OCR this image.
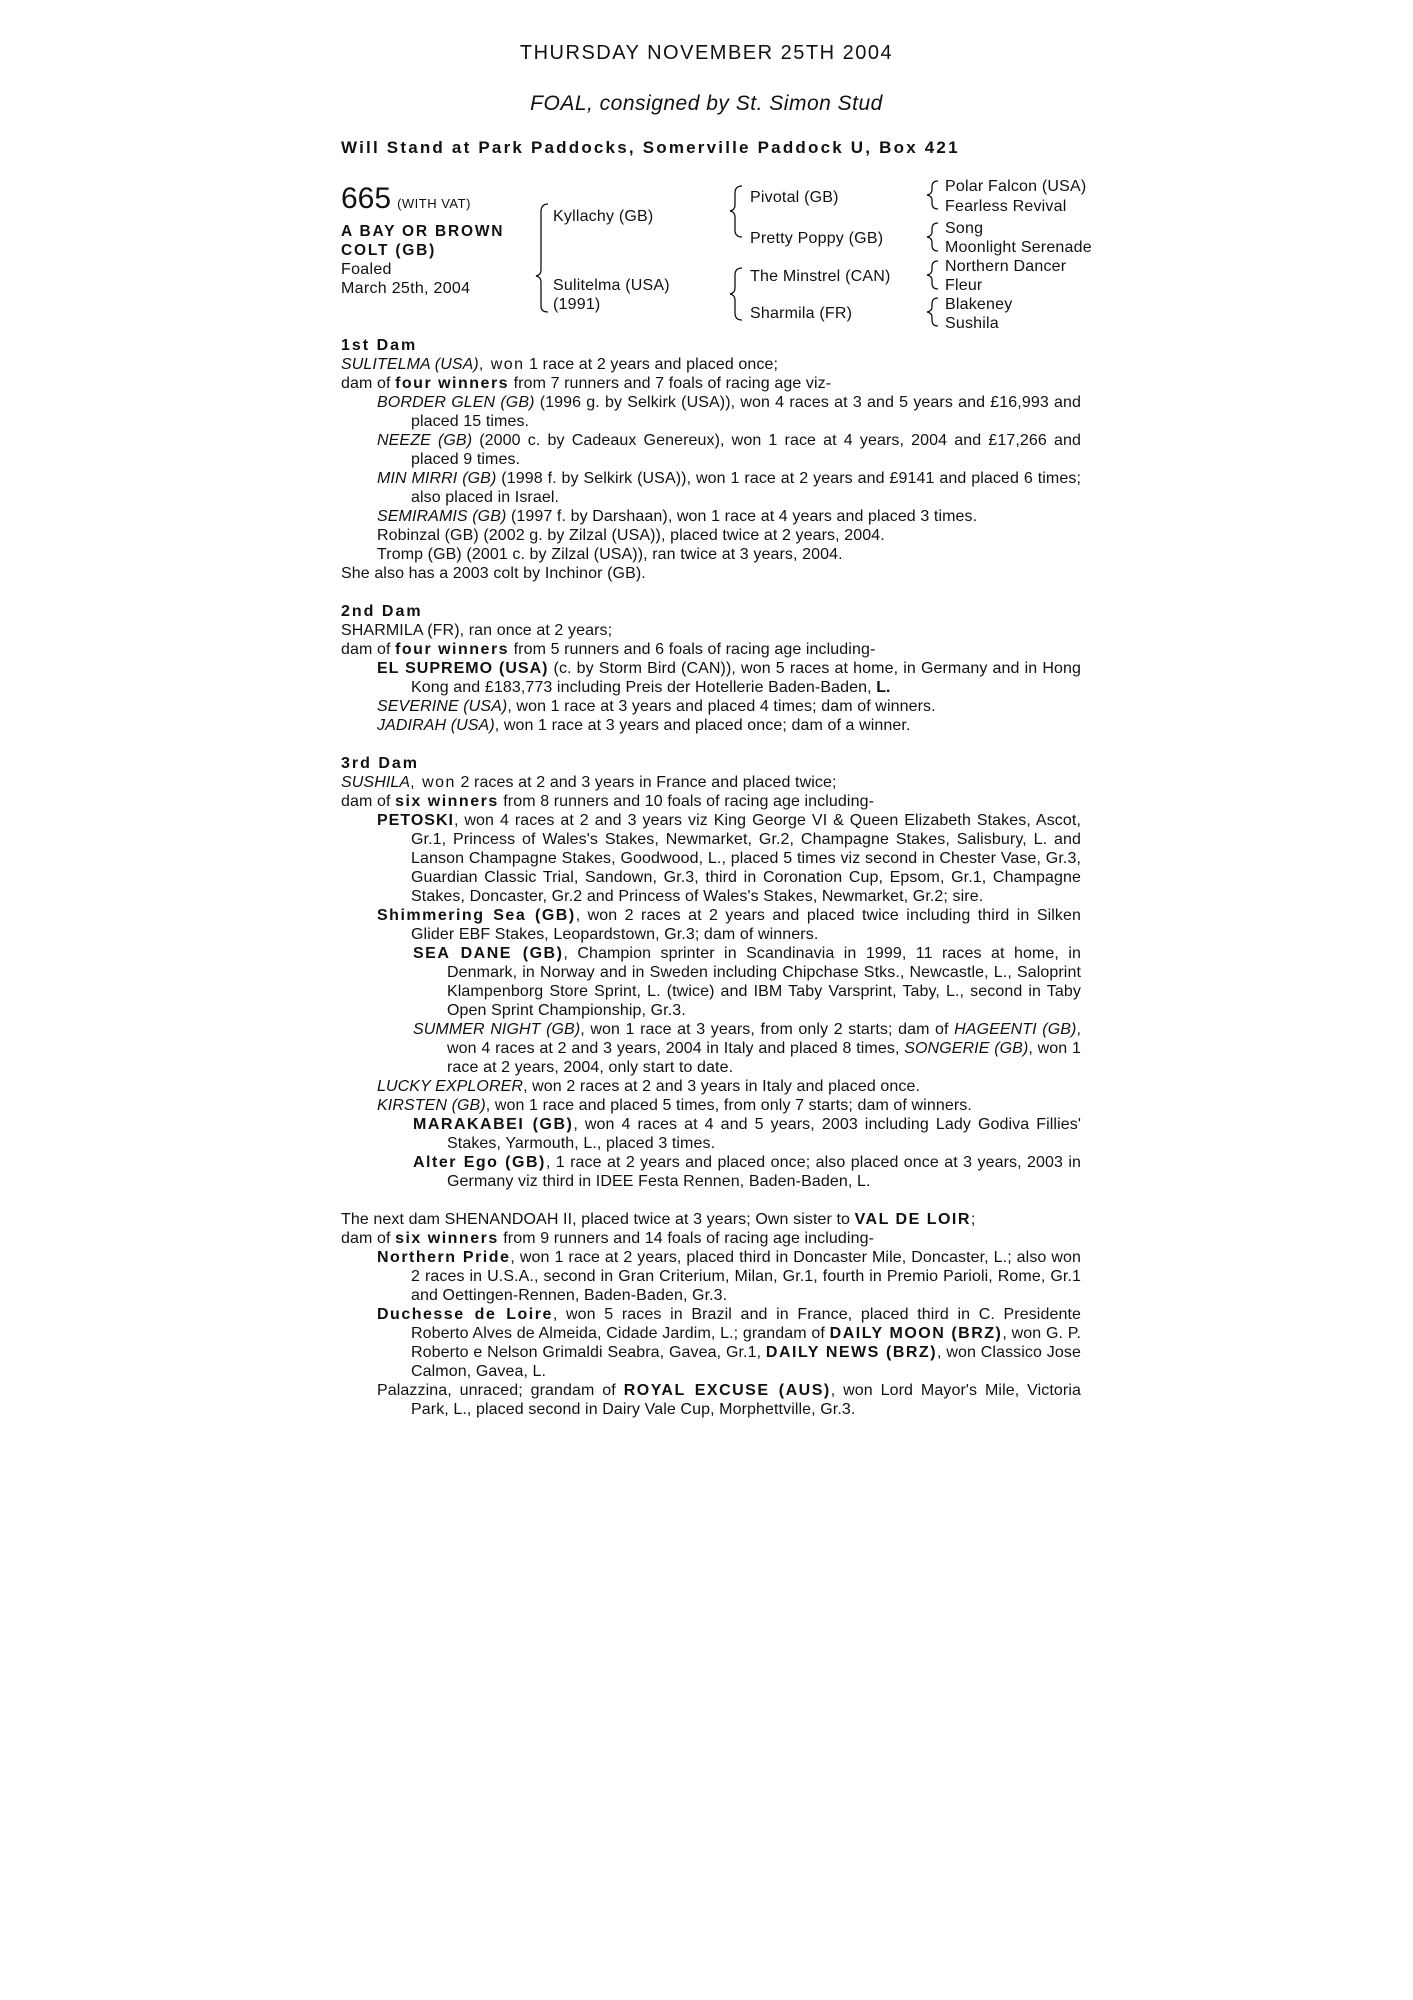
THURSDAY NOVEMBER 25TH 2004
FOAL, consigned by St. Simon Stud
Will Stand at Park Paddocks, Somerville Paddock U, Box 421
665 (WITH VAT)
A BAY OR BROWN
COLT (GB)
Foaled
March 25th, 2004
Kyllachy (GB)
Sulitelma (USA)
(1991)
Pivotal (GB)
Pretty Poppy (GB)
The Minstrel (CAN)
Sharmila (FR)
Polar Falcon (USA)
Fearless Revival
Song
Moonlight Serenade
Northern Dancer
Fleur
Blakeney
Sushila

1st Dam

SULITELMA (USA), won 1 race at 2 years and placed once;

dam of four winners from 7 runners and 7 foals of racing age viz-

BORDER GLEN (GB) (1996 g. by Selkirk (USA)), won 4 races at 3 and 5 years and £16,993 and placed 15 times.

NEEZE (GB) (2000 c. by Cadeaux Genereux), won 1 race at 4 years, 2004 and £17,266 and placed 9 times.

MIN MIRRI (GB) (1998 f. by Selkirk (USA)), won 1 race at 2 years and £9141 and placed 6 times; also placed in Israel.

SEMIRAMIS (GB) (1997 f. by Darshaan), won 1 race at 4 years and placed 3 times.

Robinzal (GB) (2002 g. by Zilzal (USA)), placed twice at 2 years, 2004.

Tromp (GB) (2001 c. by Zilzal (USA)), ran twice at 3 years, 2004.

She also has a 2003 colt by Inchinor (GB).

2nd Dam

SHARMILA (FR), ran once at 2 years;

dam of four winners from 5 runners and 6 foals of racing age including-

EL SUPREMO (USA) (c. by Storm Bird (CAN)), won 5 races at home, in Germany and in Hong Kong and £183,773 including Preis der Hotellerie Baden-Baden, L.

SEVERINE (USA), won 1 race at 3 years and placed 4 times; dam of winners.

JADIRAH (USA), won 1 race at 3 years and placed once; dam of a winner.

3rd Dam

SUSHILA, won 2 races at 2 and 3 years in France and placed twice;

dam of six winners from 8 runners and 10 foals of racing age including-

PETOSKI, won 4 races at 2 and 3 years viz King George VI & Queen Elizabeth Stakes, Ascot, Gr.1, Princess of Wales's Stakes, Newmarket, Gr.2, Champagne Stakes, Salisbury, L. and Lanson Champagne Stakes, Goodwood, L., placed 5 times viz second in Chester Vase, Gr.3, Guardian Classic Trial, Sandown, Gr.3, third in Coronation Cup, Epsom, Gr.1, Champagne Stakes, Doncaster, Gr.2 and Princess of Wales's Stakes, Newmarket, Gr.2; sire.

Shimmering Sea (GB), won 2 races at 2 years and placed twice including third in Silken Glider EBF Stakes, Leopardstown, Gr.3; dam of winners.

SEA DANE (GB), Champion sprinter in Scandinavia in 1999, 11 races at home, in Denmark, in Norway and in Sweden including Chipchase Stks., Newcastle, L., Saloprint Klampenborg Store Sprint, L. (twice) and IBM Taby Varsprint, Taby, L., second in Taby Open Sprint Championship, Gr.3.

SUMMER NIGHT (GB), won 1 race at 3 years, from only 2 starts; dam of HAGEENTI (GB), won 4 races at 2 and 3 years, 2004 in Italy and placed 8 times, SONGERIE (GB), won 1 race at 2 years, 2004, only start to date.

LUCKY EXPLORER, won 2 races at 2 and 3 years in Italy and placed once.

KIRSTEN (GB), won 1 race and placed 5 times, from only 7 starts; dam of winners.

MARAKABEI (GB), won 4 races at 4 and 5 years, 2003 including Lady Godiva Fillies' Stakes, Yarmouth, L., placed 3 times.

Alter Ego (GB), 1 race at 2 years and placed once; also placed once at 3 years, 2003 in Germany viz third in IDEE Festa Rennen, Baden-Baden, L.

The next dam SHENANDOAH II, placed twice at 3 years; Own sister to VAL DE LOIR;

dam of six winners from 9 runners and 14 foals of racing age including-

Northern Pride, won 1 race at 2 years, placed third in Doncaster Mile, Doncaster, L.; also won 2 races in U.S.A., second in Gran Criterium, Milan, Gr.1, fourth in Premio Parioli, Rome, Gr.1 and Oettingen-Rennen, Baden-Baden, Gr.3.

Duchesse de Loire, won 5 races in Brazil and in France, placed third in C. Presidente Roberto Alves de Almeida, Cidade Jardim, L.; grandam of DAILY MOON (BRZ), won G. P. Roberto e Nelson Grimaldi Seabra, Gavea, Gr.1, DAILY NEWS (BRZ), won Classico Jose Calmon, Gavea, L.

Palazzina, unraced; grandam of ROYAL EXCUSE (AUS), won Lord Mayor's Mile, Victoria Park, L., placed second in Dairy Vale Cup, Morphettville, Gr.3.
